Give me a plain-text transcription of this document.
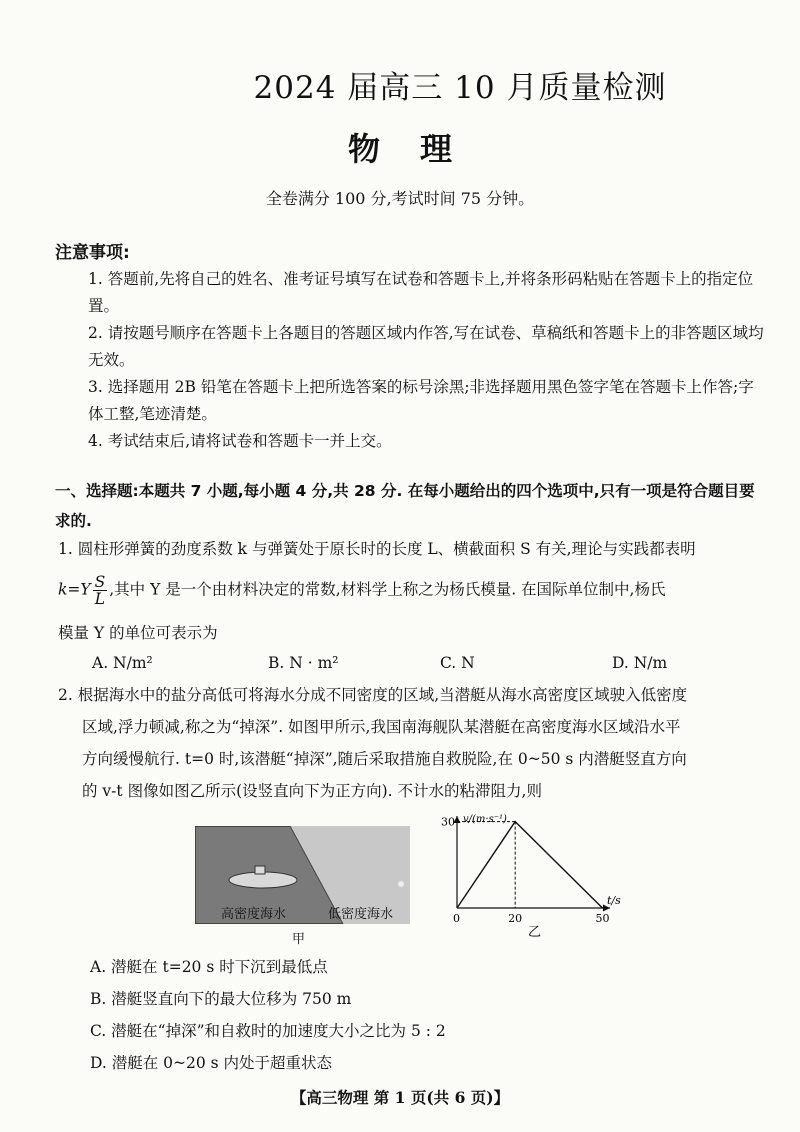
2024 届高三 10 月质量检测
物理
全卷满分 100 分,考试时间 75 分钟。
注意事项:
1. 答题前,先将自己的姓名、准考证号填写在试卷和答题卡上,并将条形码粘贴在答题卡上的指定位置。
2. 请按题号顺序在答题卡上各题目的答题区域内作答,写在试卷、草稿纸和答题卡上的非答题区域均无效。
3. 选择题用 2B 铅笔在答题卡上把所选答案的标号涂黑;非选择题用黑色签字笔在答题卡上作答;字体工整,笔迹清楚。
4. 考试结束后,请将试卷和答题卡一并上交。
一、选择题:本题共 7 小题,每小题 4 分,共 28 分. 在每小题给出的四个选项中,只有一项是符合题目要求的.
1. 圆柱形弹簧的劲度系数 k 与弹簧处于原长时的长度 L、横截面积 S 有关,理论与实践都表明
$k=Y \frac{S}{L}$ ,其中 Y 是一个由材料决定的常数,材料学上称之为杨氏模量. 在国际单位制中,杨氏
模量 Y 的单位可表示为
A. N/m²	B. N · m²	C. N	D. N/m
2. 根据海水中的盐分高低可将海水分成不同密度的区域,当潜艇从海水高密度区域驶入低密度
区域,浮力顿减,称之为“掉深”. 如图甲所示,我国南海舰队某潜艇在高密度海水区域沿水平
方向缓慢航行. t=0 时,该潜艇“掉深”,随后采取措施自救脱险,在 0~50 s 内潜艇竖直方向
的 v-t 图像如图乙所示(设竖直向下为正方向). 不计水的粘滞阻力,则
高密度海水	低密度海水
甲
0	20	50
30 v/(m·s⁻¹)
t/s
乙
A. 潜艇在 t=20 s 时下沉到最低点
B. 潜艇竖直向下的最大位移为 750 m
C. 潜艇在“掉深”和自救时的加速度大小之比为 5 : 2
D. 潜艇在 0~20 s 内处于超重状态
【高三物理 第 1 页(共 6 页)】
